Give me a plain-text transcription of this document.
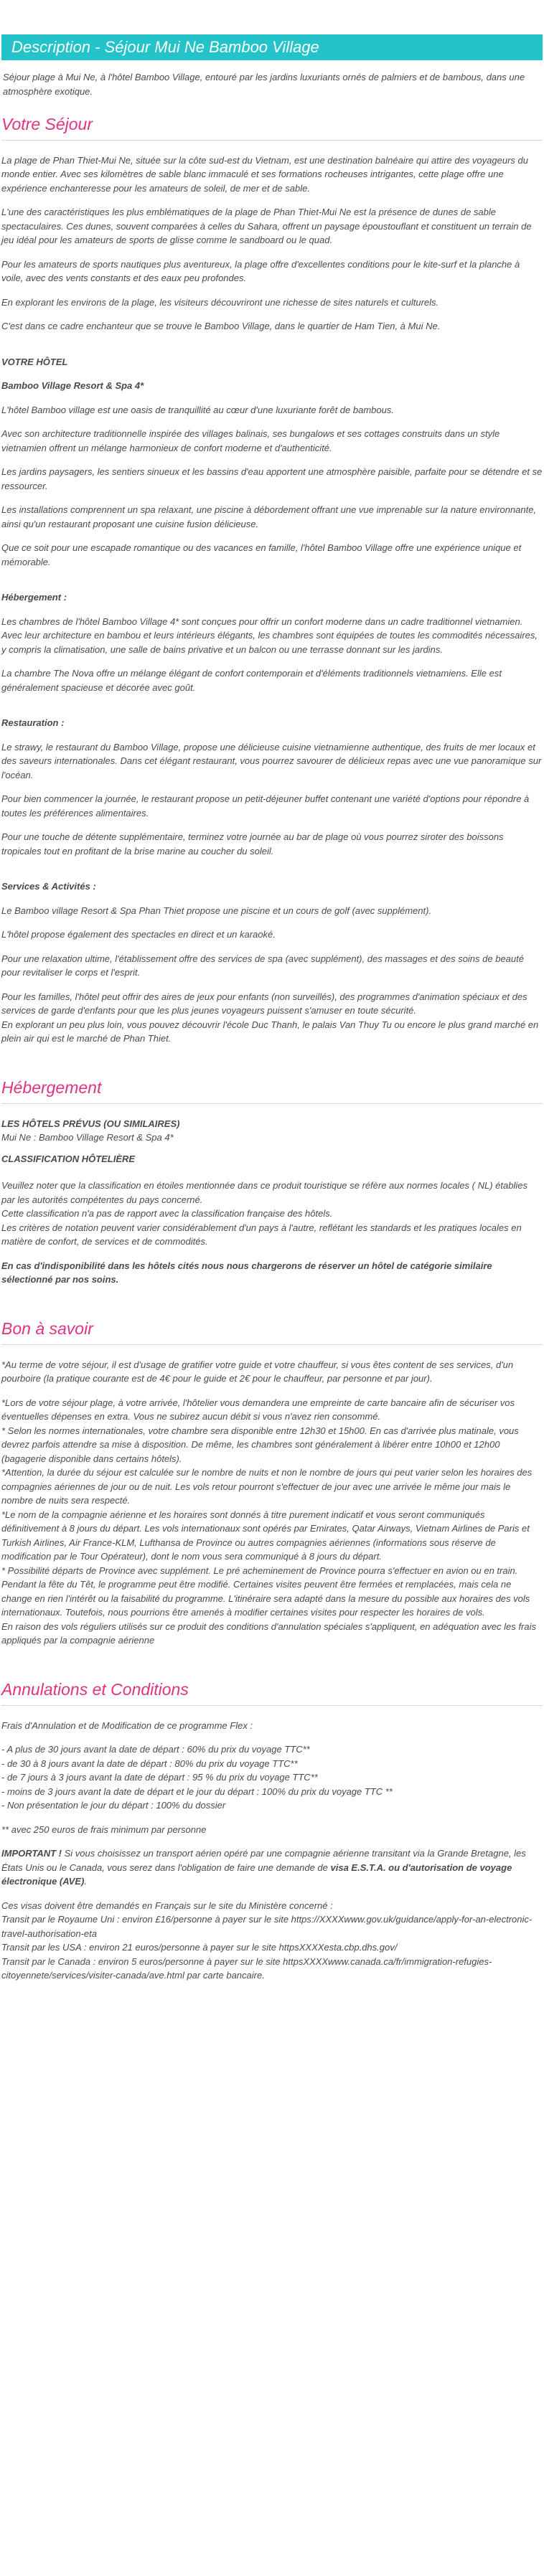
Description - Séjour Mui Ne Bamboo Village

Séjour plage à Mui Ne, à l'hôtel Bamboo Village, entouré par les jardins luxuriants ornés de palmiers et de bambous, dans une atmosphère exotique.

Votre Séjour

La plage de Phan Thiet-Mui Ne, située sur la côte sud-est du Vietnam, est une destination balnéaire qui attire des voyageurs du monde entier. Avec ses kilomètres de sable blanc immaculé et ses formations rocheuses intrigantes, cette plage offre une expérience enchanteresse pour les amateurs de soleil, de mer et de sable.

L'une des caractéristiques les plus emblématiques de la plage de Phan Thiet-Mui Ne est la présence de dunes de sable spectaculaires. Ces dunes, souvent comparées à celles du Sahara, offrent un paysage époustouflant et constituent un terrain de jeu idéal pour les amateurs de sports de glisse comme le sandboard ou le quad.

Pour les amateurs de sports nautiques plus aventureux, la plage offre d'excellentes conditions pour le kite-surf et la planche à voile, avec des vents constants et des eaux peu profondes.

En explorant les environs de la plage, les visiteurs découvriront une richesse de sites naturels et culturels.

C'est dans ce cadre enchanteur que se trouve le Bamboo Village, dans le quartier de Ham Tien, à Mui Ne.

VOTRE HÔTEL

Bamboo Village Resort & Spa 4*

L'hôtel Bamboo village est une oasis de tranquillité au cœur d'une luxuriante forêt de bambous.

Avec son architecture traditionnelle inspirée des villages balinais, ses bungalows et ses cottages construits dans un style vietnamien offrent un mélange harmonieux de confort moderne et d'authenticité.

Les jardins paysagers, les sentiers sinueux et les bassins d'eau apportent une atmosphère paisible, parfaite pour se détendre et se ressourcer.

Les installations comprennent un spa relaxant, une piscine à débordement offrant une vue imprenable sur la nature environnante, ainsi qu'un restaurant proposant une cuisine fusion délicieuse.

Que ce soit pour une escapade romantique ou des vacances en famille, l'hôtel Bamboo Village offre une expérience unique et mémorable.

Hébergement :

Les chambres de l'hôtel Bamboo Village 4* sont conçues pour offrir un confort moderne dans un cadre traditionnel vietnamien.
Avec leur architecture en bambou et leurs intérieurs élégants, les chambres sont équipées de toutes les commodités nécessaires, y compris la climatisation, une salle de bains privative et un balcon ou une terrasse donnant sur les jardins.

La chambre The Nova offre un mélange élégant de confort contemporain et d'éléments traditionnels vietnamiens. Elle est généralement spacieuse et décorée avec goût.

Restauration :

Le strawy, le restaurant du Bamboo Village, propose une délicieuse cuisine vietnamienne authentique, des fruits de mer locaux et des saveurs internationales. Dans cet élégant restaurant, vous pourrez savourer de délicieux repas avec une vue panoramique sur l'océan.

Pour bien commencer la journée, le restaurant propose un petit-déjeuner buffet contenant une variété d'options pour répondre à toutes les préférences alimentaires.

Pour une touche de détente supplémentaire, terminez votre journée au bar de plage où vous pourrez siroter des boissons tropicales tout en profitant de la brise marine au coucher du soleil.

Services & Activités :

Le Bamboo village Resort & Spa Phan Thiet propose une piscine et un cours de golf (avec supplément).

L'hôtel propose également des spectacles en direct et un karaoké.

Pour une relaxation ultime, l'établissement offre des services de spa (avec supplément), des massages et des soins de beauté pour revitaliser le corps et l'esprit.

Pour les familles, l'hôtel peut offrir des aires de jeux pour enfants (non surveillés), des programmes d'animation spéciaux et des services de garde d'enfants pour que les plus jeunes voyageurs puissent s'amuser en toute sécurité.
En explorant un peu plus loin, vous pouvez découvrir l'école Duc Thanh, le palais Van Thuy Tu ou encore le plus grand marché en plein air qui est le marché de Phan Thiet.

Hébergement

LES HÔTELS PRÉVUS (OU SIMILAIRES)

Mui Ne : Bamboo Village Resort & Spa 4*

CLASSIFICATION HÔTELIÈRE

Veuillez noter que la classification en étoiles mentionnée dans ce produit touristique se réfère aux normes locales ( NL) établies par les autorités compétentes du pays concerné.
Cette classification n'a pas de rapport avec la classification française des hôtels.
Les critères de notation peuvent varier considérablement d'un pays à l'autre, reflétant les standards et les pratiques locales en matière de confort, de services et de commodités.

En cas d'indisponibilité dans les hôtels cités nous nous chargerons de réserver un hôtel de catégorie similaire sélectionné par nos soins.

Bon à savoir

*Au terme de votre séjour, il est d'usage de gratifier votre guide et votre chauffeur, si vous êtes content de ses services, d'un pourboire (la pratique courante est de 4€ pour le guide et 2€ pour le chauffeur, par personne et par jour).

*Lors de votre séjour plage, à votre arrivée, l'hôtelier vous demandera une empreinte de carte bancaire afin de sécuriser vos éventuelles dépenses en extra. Vous ne subirez aucun débit si vous n'avez rien consommé.
* Selon les normes internationales, votre chambre sera disponible entre 12h30 et 15h00. En cas d'arrivée plus matinale, vous devrez parfois attendre sa mise à disposition. De même, les chambres sont généralement à libérer entre 10h00 et 12h00 (bagagerie disponible dans certains hôtels).
*Attention, la durée du séjour est calculée sur le nombre de nuits et non le nombre de jours qui peut varier selon les horaires des compagnies aériennes de jour ou de nuit. Les vols retour pourront s'effectuer de jour avec une arrivée le même jour mais le nombre de nuits sera respecté.
*Le nom de la compagnie aérienne et les horaires sont donnés à titre purement indicatif et vous seront communiqués définitivement à 8 jours du départ. Les vols internationaux sont opérés par Emirates, Qatar Airways, Vietnam Airlines de Paris et Turkish Airlines, Air France-KLM, Lufthansa de Province ou autres compagnies aériennes (informations sous réserve de modification par le Tour Opérateur), dont le nom vous sera communiqué à 8 jours du départ.
* Possibilité départs de Province avec supplément. Le pré acheminement de Province pourra s'effectuer en avion ou en train.
Pendant la fête du Têt, le programme peut être modifié. Certaines visites peuvent être fermées et remplacées, mais cela ne change en rien l'intérêt ou la faisabilité du programme. L'itinéraire sera adapté dans la mesure du possible aux horaires des vols internationaux. Toutefois, nous pourrions être amenés à modifier certaines visites pour respecter les horaires de vols.
En raison des vols réguliers utilisés sur ce produit des conditions d'annulation spéciales s'appliquent, en adéquation avec les frais appliqués par la compagnie aérienne

Annulations et Conditions

Frais d'Annulation et de Modification de ce programme Flex :

- A plus de 30 jours avant la date de départ : 60% du prix du voyage TTC**

- de 30 à 8 jours avant la date de départ : 80% du prix du voyage TTC**

- de 7 jours à 3 jours avant la date de départ : 95 % du prix du voyage TTC**

- moins de 3 jours avant la date de départ et le jour du départ : 100% du prix du voyage TTC **

- Non présentation le jour du départ : 100% du dossier

** avec 250 euros de frais minimum par personne

IMPORTANT ! Si vous choisissez un transport aérien opéré par une compagnie aérienne transitant via la Grande Bretagne, les États Unis ou le Canada, vous serez dans l'obligation de faire une demande de visa E.S.T.A. ou d'autorisation de voyage électronique (AVE).

Ces visas doivent être demandés en Français sur le site du Ministère concerné :

Transit par le Royaume Uni : environ £16/personne à payer sur le site https://XXXXwww.gov.uk/guidance/apply-for-an-electronic-travel-authorisation-eta

Transit par les USA : environ 21 euros/personne à payer sur le site httpsXXXXesta.cbp.dhs.gov/

Transit par le Canada : environ 5 euros/personne à payer sur le site httpsXXXXwww.canada.ca/fr/immigration-refugies-citoyennete/services/visiter-canada/ave.html par carte bancaire.
